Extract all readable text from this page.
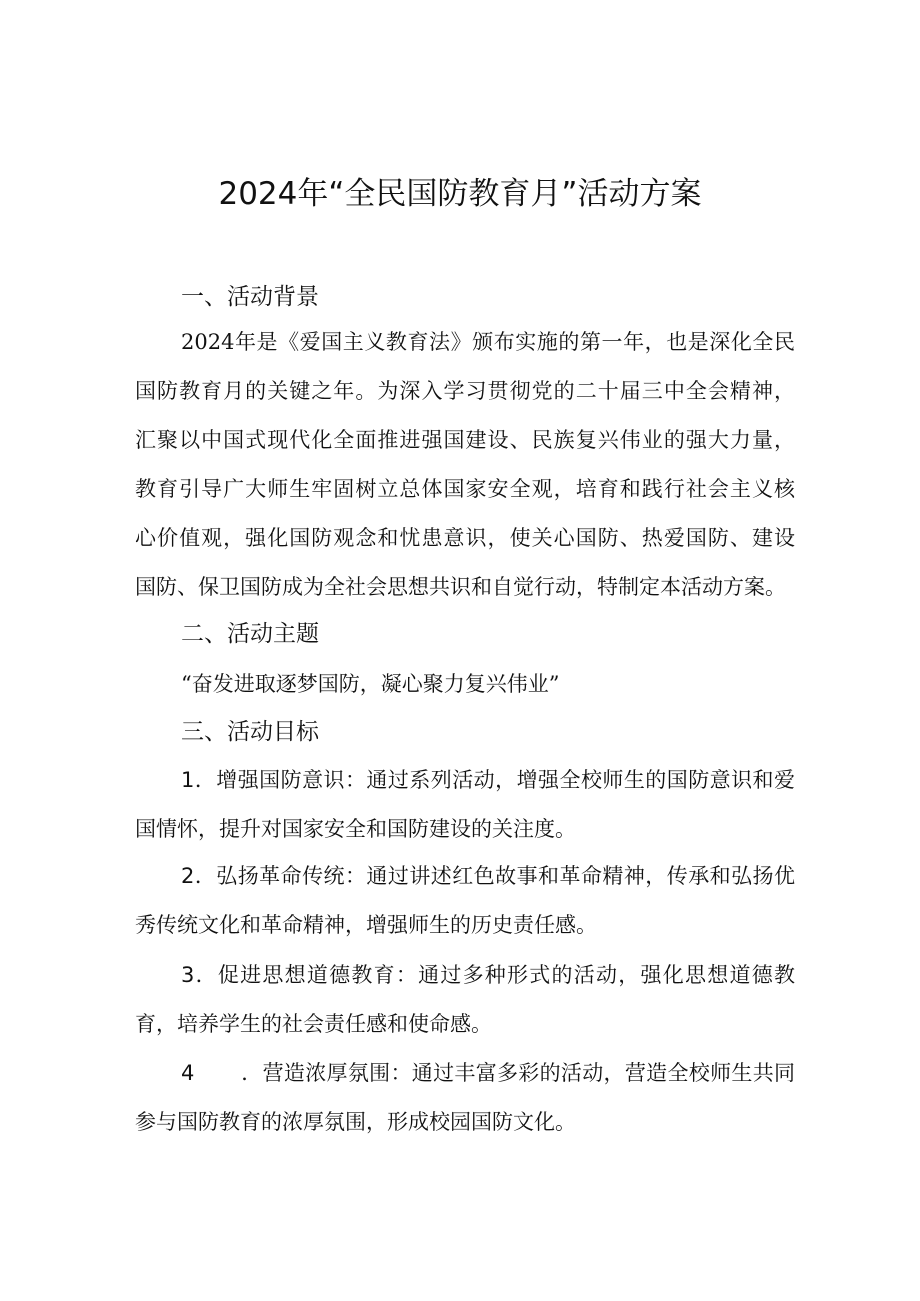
2024年“全民国防教育月”活动方案
一、活动背景
2024年是《爱国主义教育法》颁布实施的第一年，也是深化全民
国防教育月的关键之年。为深入学习贯彻党的二十届三中全会精神，
汇聚以中国式现代化全面推进强国建设、民族复兴伟业的强大力量，
教育引导广大师生牢固树立总体国家安全观，培育和践行社会主义核
心价值观，强化国防观念和忧患意识，使关心国防、热爱国防、建设
国防、保卫国防成为全社会思想共识和自觉行动，特制定本活动方案。
二、活动主题
“奋发进取逐梦国防，凝心聚力复兴伟业”
三、活动目标
1．增强国防意识：通过系列活动，增强全校师生的国防意识和爱
国情怀，提升对国家安全和国防建设的关注度。
2．弘扬革命传统：通过讲述红色故事和革命精神，传承和弘扬优
秀传统文化和革命精神，增强师生的历史责任感。
3．促进思想道德教育：通过多种形式的活动，强化思想道德教
育，培养学生的社会责任感和使命感。
4 ．营造浓厚氛围：通过丰富多彩的活动，营造全校师生共同
参与国防教育的浓厚氛围，形成校园国防文化。
